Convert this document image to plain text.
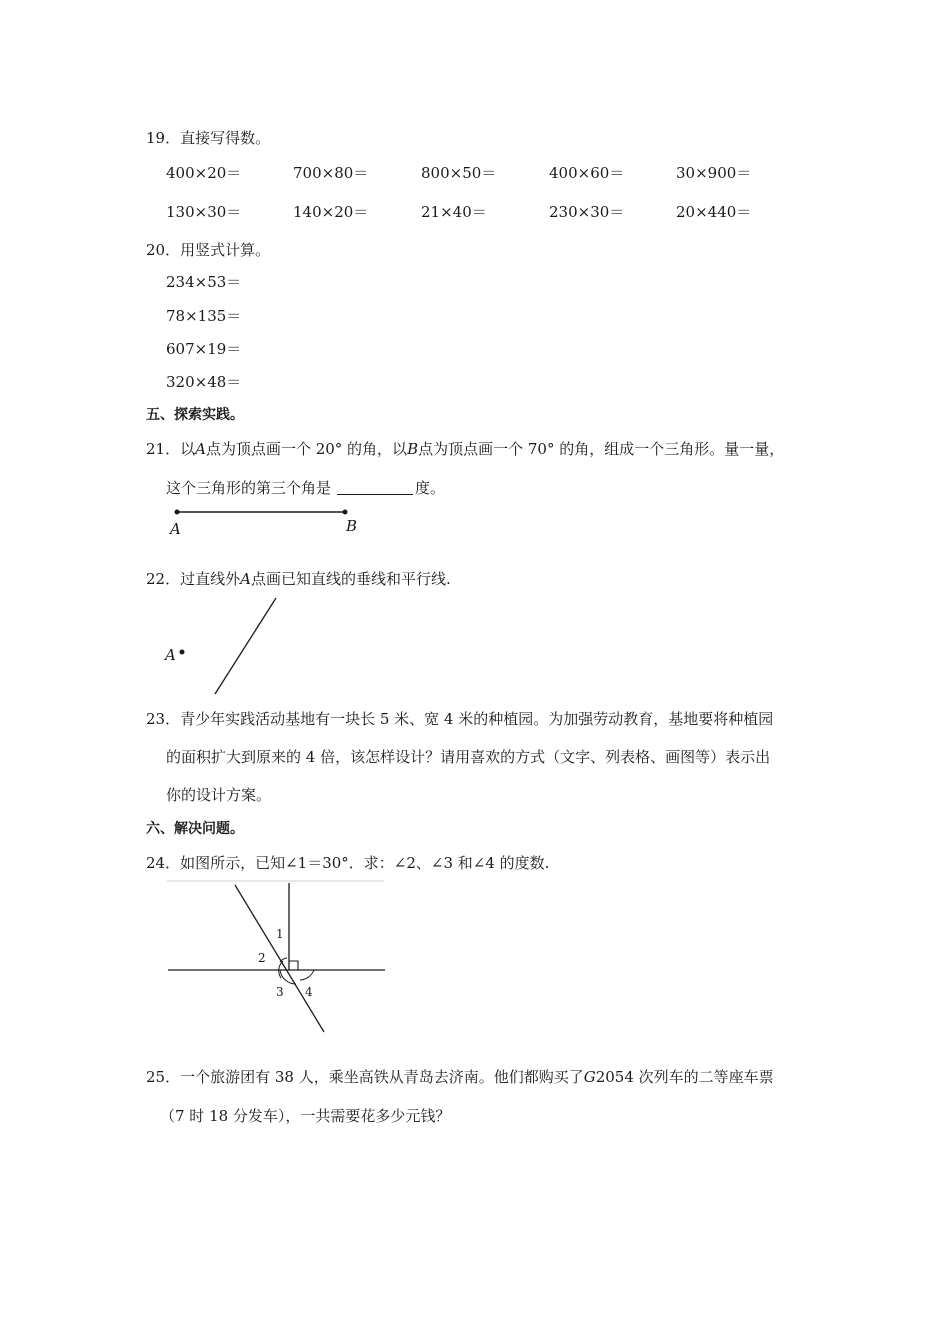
19．直接写得数。
400×20＝	700×80＝	800×50＝	400×60＝	30×900＝
130×30＝	140×20＝	21×40＝	230×30＝	20×440＝
20．用竖式计算。
234×53＝
78×135＝
607×19＝
320×48＝
五、探索实践。
21．以A点为顶点画一个 20° 的角，以B点为顶点画一个 70° 的角，组成一个三角形。量一量，
这个三角形的第三个角是	度。
A	B
A
1
2
3 4
22．过直线外A点画已知直线的垂线和平行线.
23．青少年实践活动基地有一块长 5 米、宽 4 米的种植园。为加强劳动教育，基地要将种植园
的面积扩大到原来的 4 倍，该怎样设计？请用喜欢的方式（文字、列表格、画图等）表示出
你的设计方案。
六、解决问题。
24．如图所示，已知∠1＝30°．求：∠2、∠3 和∠4 的度数.
25．一个旅游团有 38 人，乘坐高铁从青岛去济南。他们都购买了G2054 次列车的二等座车票
（7 时 18 分发车），一共需要花多少元钱？
